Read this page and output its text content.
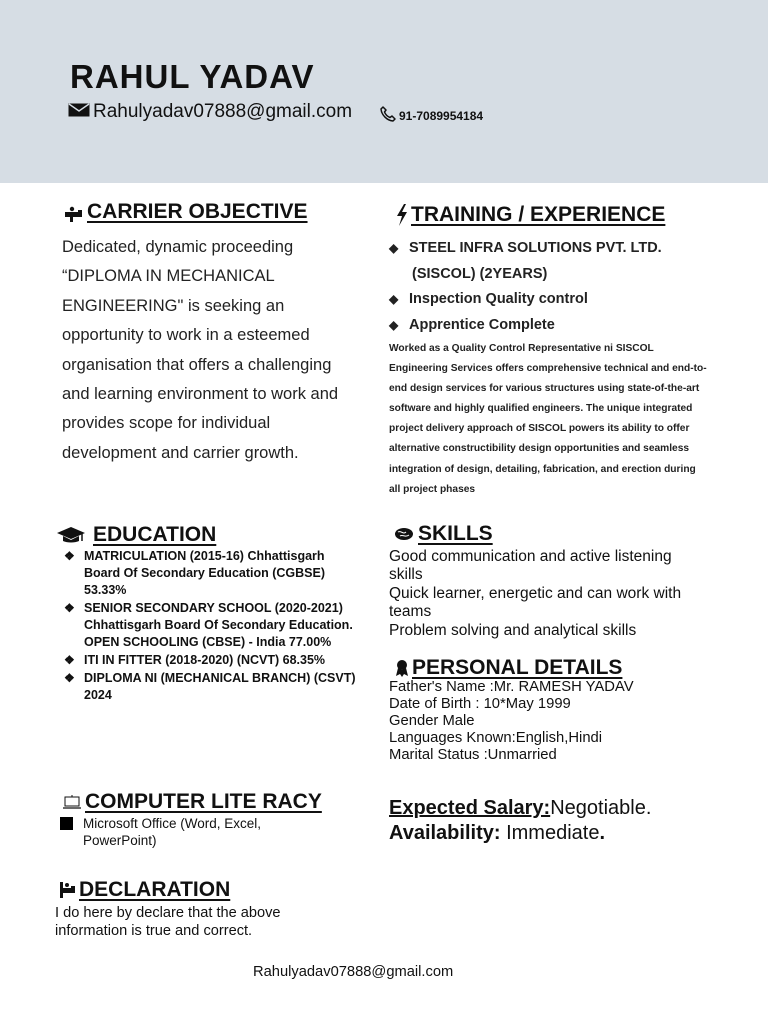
RAHUL YADAV
Rahulyadav07888@gmail.com	91-7089954184
CARRIER OBJECTIVE
Dedicated, dynamic proceeding “DIPLOMA IN MECHANICAL ENGINEERING" is seeking an opportunity to work in a esteemed organisation that offers a challenging and learning environment to work and provides scope for individual development and carrier growth.
TRAINING / EXPERIENCE
◆ STEEL INFRA SOLUTIONS PVT. LTD.
(SISCOL) (2YEARS)
◆ Inspection Quality control
◆ Apprentice Complete
Worked as a Quality Control Representative ni SISCOL Engineering Services offers comprehensive technical and end-to-end design services for various structures using state-of-the-art software and highly qualified engineers. The unique integrated project delivery approach of SISCOL powers its ability to offer alternative constructibility design opportunities and seamless integration of design, detailing, fabrication, and erection during all project phases
EDUCATION
❖ MATRICULATION (2015-16) Chhattisgarh Board Of Secondary Education (CGBSE) 53.33%
❖ SENIOR SECONDARY SCHOOL (2020-2021) Chhattisgarh Board Of Secondary Education. OPEN SCHOOLING (CBSE) - India 77.00%
❖ ITI IN FITTER (2018-2020) (NCVT) 68.35%
❖ DIPLOMA NI (MECHANICAL BRANCH) (CSVT) 2024
SKILLS
Good communication and active listening skills
Quick learner, energetic and can work with teams
Problem solving and analytical skills
PERSONAL DETAILS
Father's Name :Mr. RAMESH YADAV
Date of Birth : 10*May 1999
Gender Male
Languages Known:English,Hindi
Marital Status :Unmarried
COMPUTER LITE RACY
Microsoft Office (Word, Excel, PowerPoint)
Expected Salary:Negotiable.
Availability: Immediate.
DECLARATION
I do here by declare that the above information is true and correct.
Rahulyadav07888@gmail.com
